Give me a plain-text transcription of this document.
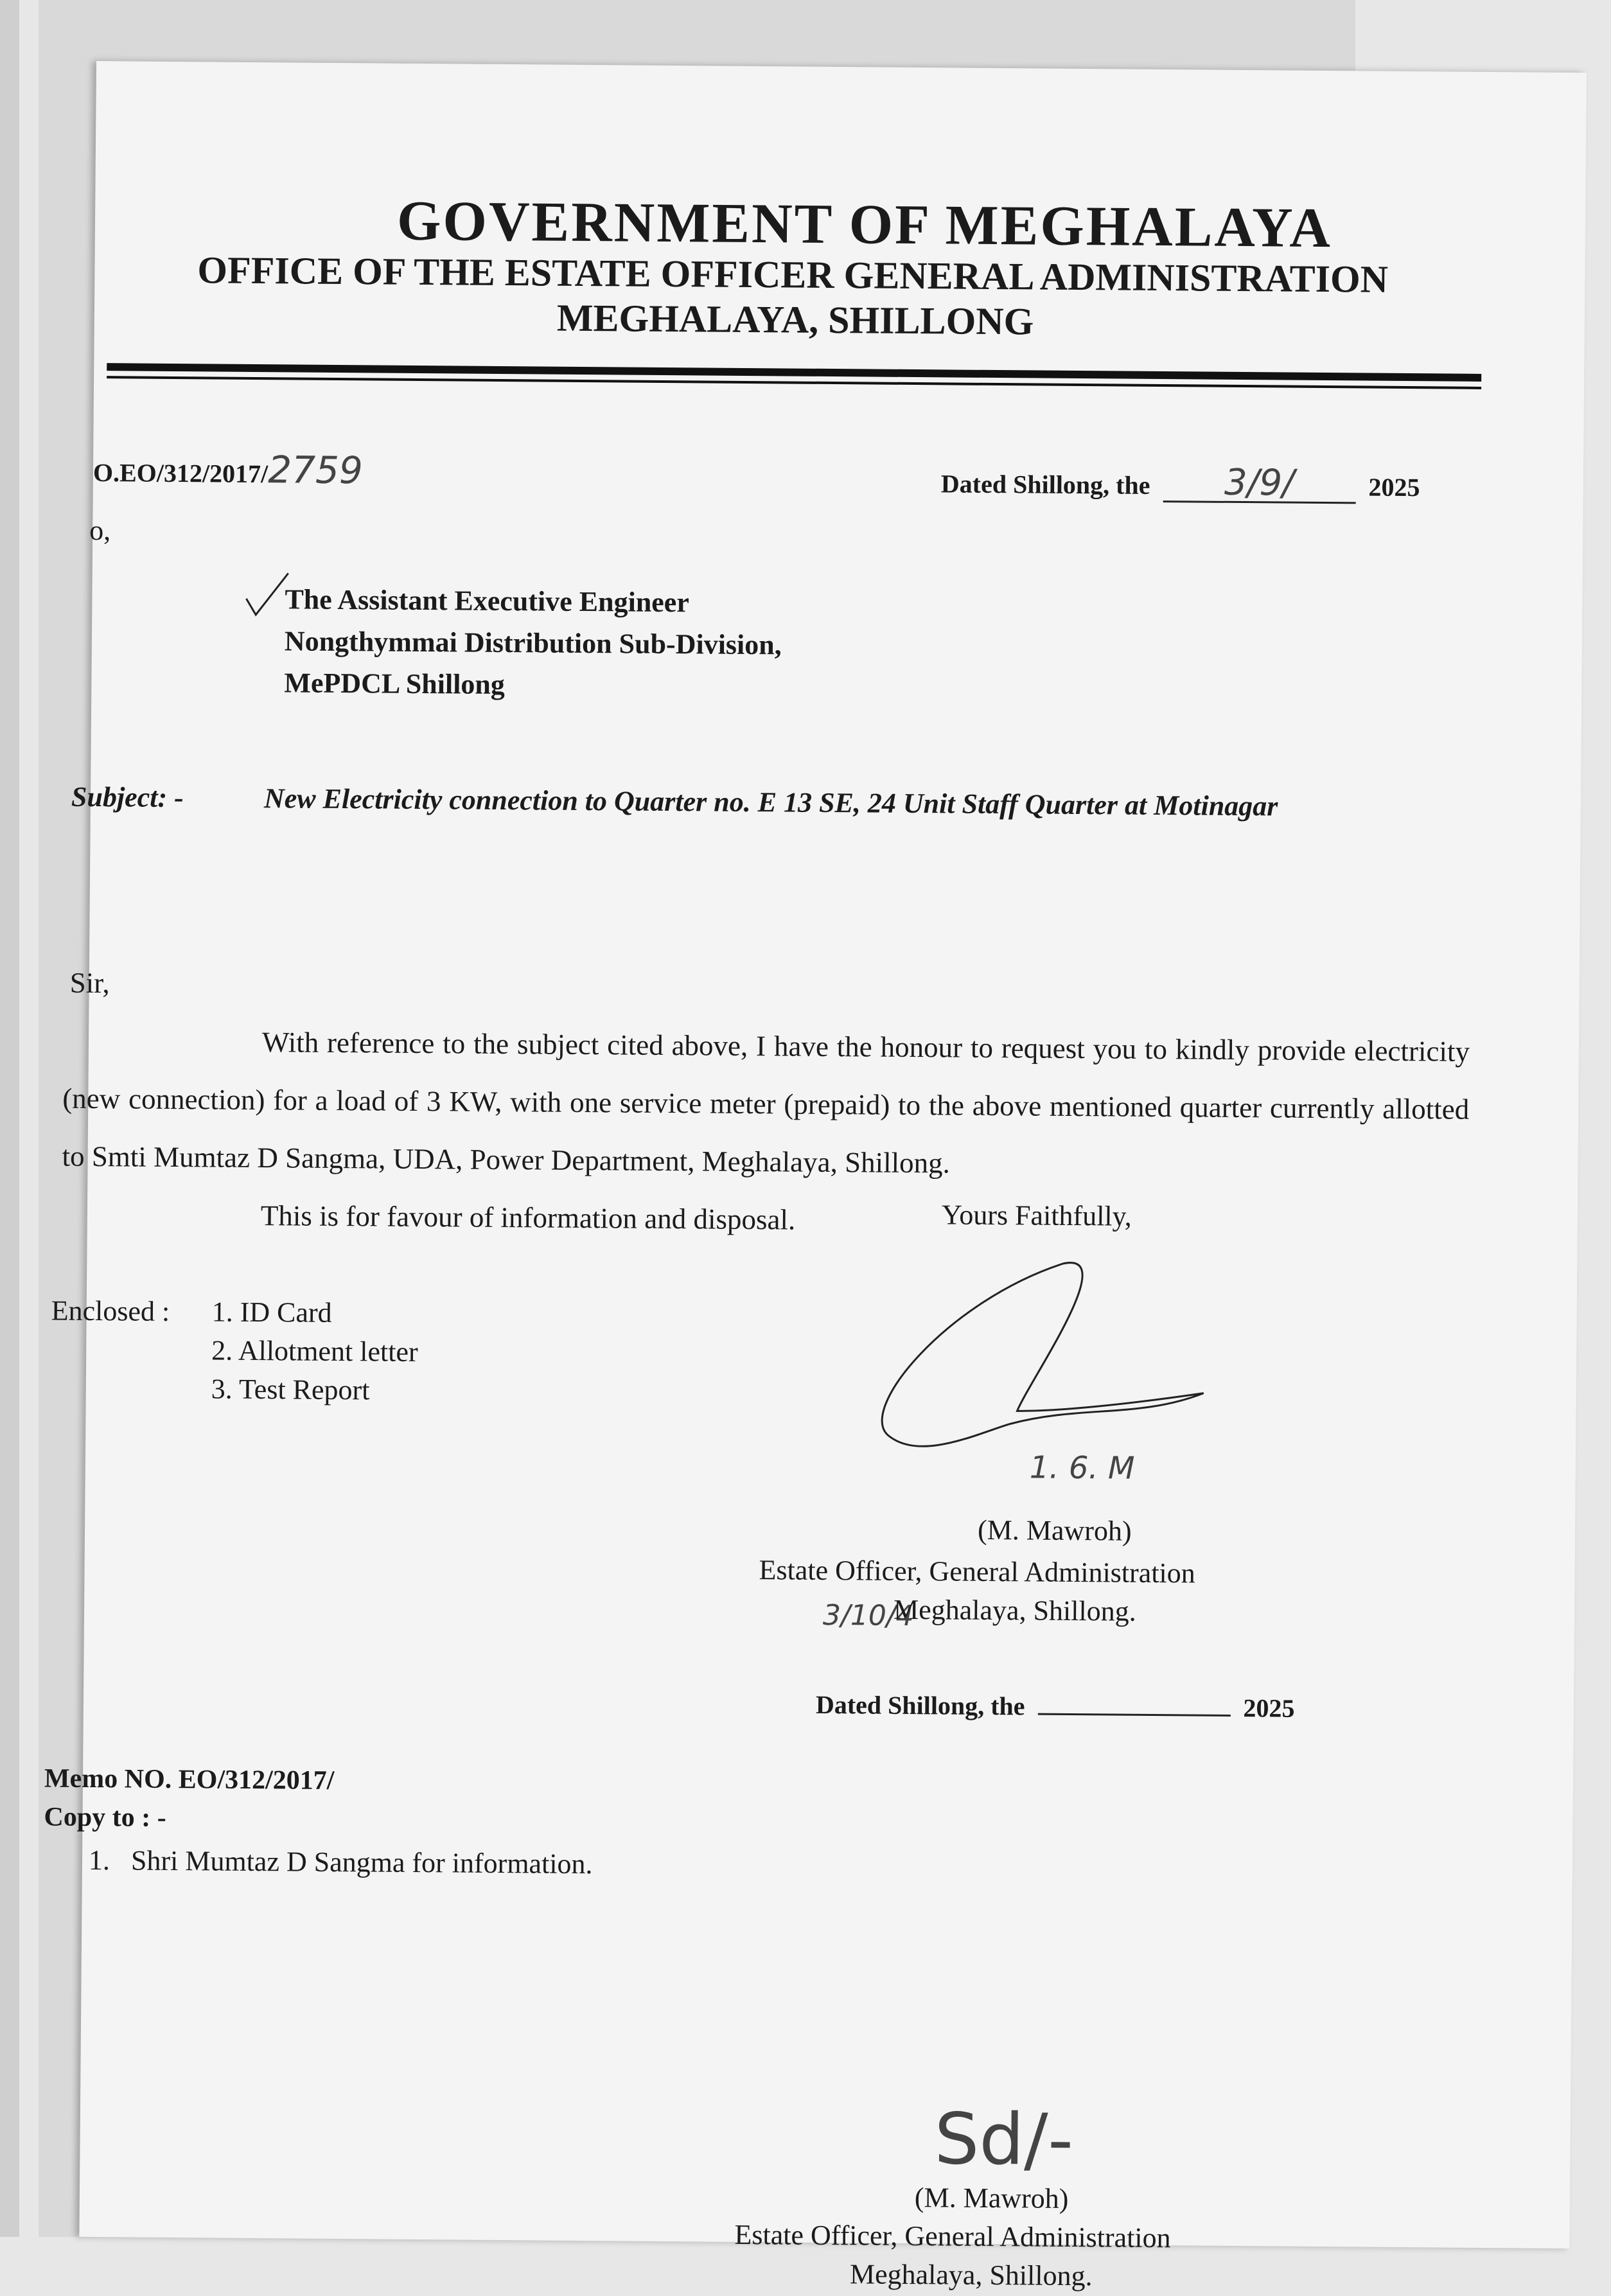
GOVERNMENT OF MEGHALAYA
OFFICE OF THE ESTATE OFFICER GENERAL ADMINISTRATION
MEGHALAYA, SHILLONG
O.EO/312/2017/2759	Dated Shillong, the 3/9/	2025
o,
The Assistant Executive Engineer
Nongthymmai Distribution Sub-Division,
MePDCL Shillong
Subject: -	New Electricity connection to Quarter no. E 13 SE, 24 Unit Staff Quarter at Motinagar

Sir,

With reference to the subject cited above, I have the honour to request you to kindly provide electricity (new connection) for a load of 3 KW, with one service meter (prepaid) to the above mentioned quarter currently allotted to Smti Mumtaz D Sangma, UDA, Power Department, Meghalaya, Shillong.

This is for favour of information and disposal.	Yours Faithfully,
Enclosed : 1. ID Card
2. Allotment letter
3. Test Report
1. 6. M
(M. Mawroh)
Estate Officer, General Administration
3/10/4
Meghalaya, Shillong.
Dated Shillong, the	2025
Memo NO. EO/312/2017/
Copy to : -
1.   Shri Mumtaz D Sangma for information.
Sd/-
(M. Mawroh)
Estate Officer, General Administration
Meghalaya, Shillong.
